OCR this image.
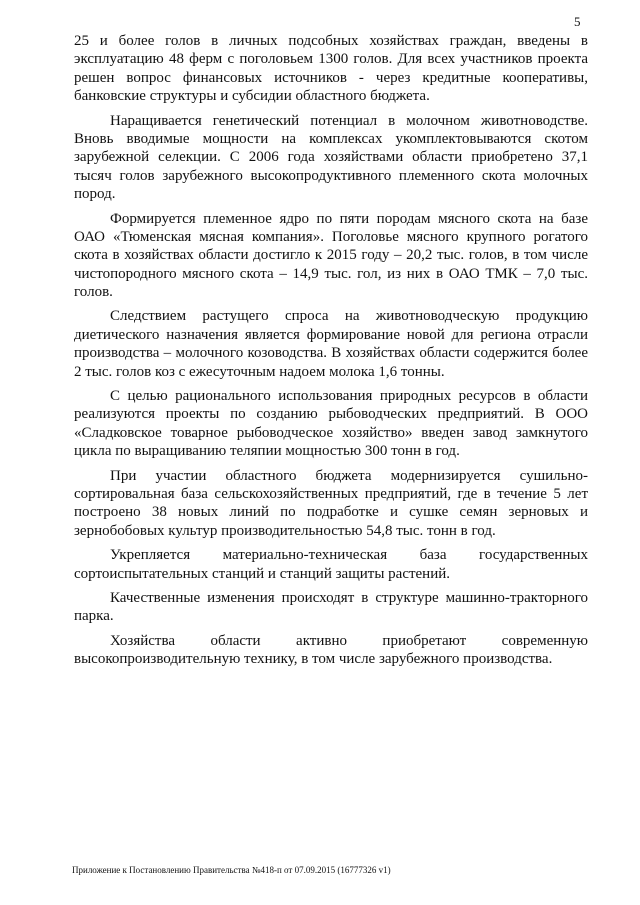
5
25 и более голов в личных подсобных хозяйствах граждан, введены в
эксплуатацию 48 ферм с поголовьем 1300 голов. Для всех участников проекта
решен вопрос финансовых источников - через кредитные кооперативы,
банковские структуры и субсидии областного бюджета.
Наращивается генетический потенциал в молочном животноводстве.
Вновь вводимые мощности на комплексах укомплектовываются скотом
зарубежной селекции. С 2006 года хозяйствами области приобретено 37,1
тысяч голов зарубежного высокопродуктивного племенного скота молочных
пород.
Формируется племенное ядро по пяти породам мясного скота на базе
ОАО «Тюменская мясная компания». Поголовье мясного крупного рогатого
скота в хозяйствах области достигло к 2015 году – 20,2 тыс. голов, в том числе
чистопородного мясного скота – 14,9 тыс. гол, из них в ОАО ТМК – 7,0 тыс.
голов.
Следствием растущего спроса на животноводческую продукцию
диетического назначения является формирование новой для региона отрасли
производства – молочного козоводства. В хозяйствах области содержится более
2 тыс. голов коз с ежесуточным надоем молока 1,6 тонны.
С целью рационального использования природных ресурсов в области
реализуются проекты по созданию рыбоводческих предприятий. В ООО
«Сладковское товарное рыбоводческое хозяйство» введен завод замкнутого
цикла по выращиванию теляпии мощностью 300 тонн в год.
При участии областного бюджета модернизируется сушильно-
сортировальная база сельскохозяйственных предприятий, где в течение 5 лет
построено 38 новых линий по подработке и сушке семян зерновых и
зернобобовых культур производительностью 54,8 тыс. тонн в год.
Укрепляется материально-техническая база государственных
сортоиспытательных станций и станций защиты растений.
Качественные изменения происходят в структуре машинно-тракторного
парка.
Хозяйства области активно приобретают современную
высокопроизводительную технику, в том числе зарубежного производства.
Приложение к Постановлению Правительства №418-п от 07.09.2015 (16777326 v1)
